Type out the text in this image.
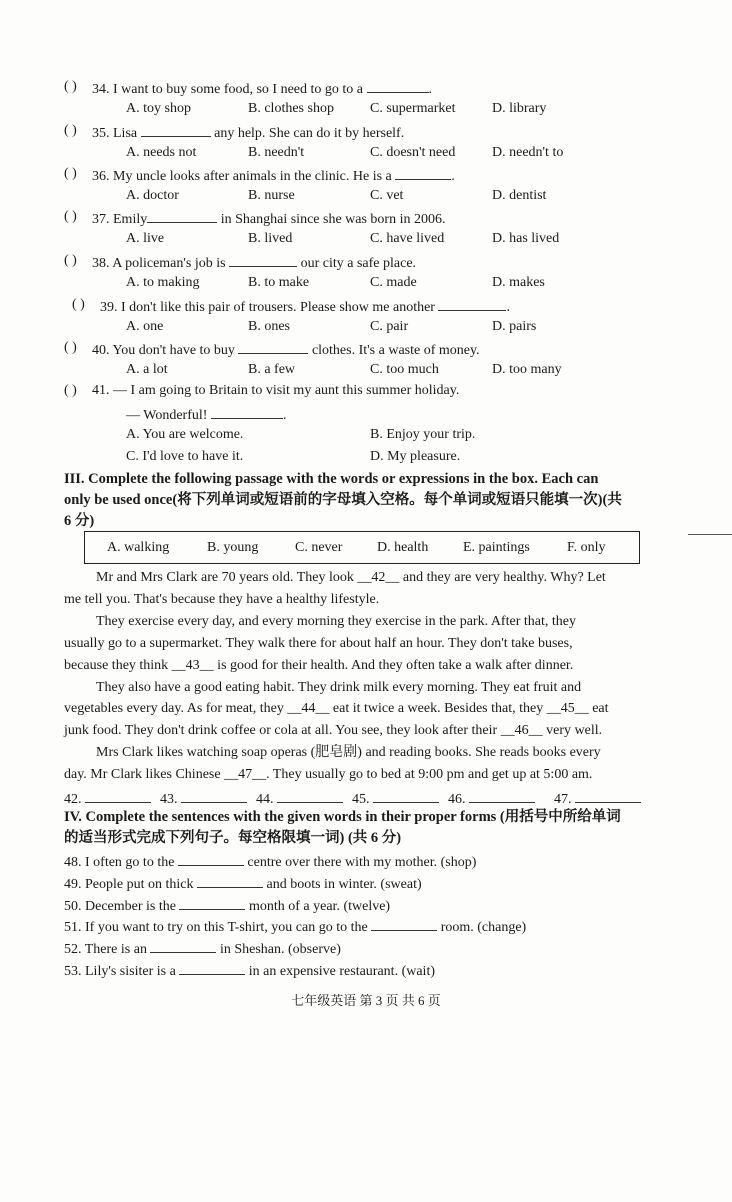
( ) 34. I want to buy some food, so I need to go to a	.
A. toy shop	B. clothes shop	C. supermarket	D. library
( ) 35. Lisa	any help. She can do it by herself.
A. needs not	B. needn't	C. doesn't need	D. needn't to
( ) 36. My uncle looks after animals in the clinic. He is a	.
A. doctor	B. nurse	C. vet	D. dentist
( ) 37. Emily	in Shanghai since she was born in 2006.
A. live	B. lived	C. have lived	D. has lived
( ) 38. A policeman's job is	our city a safe place.
A. to making	B. to make	C. made	D. makes
( ) 39. I don't like this pair of trousers. Please show me another	.
A. one	B. ones	C. pair	D. pairs
( ) 40. You don't have to buy	clothes. It's a waste of money.
A. a lot	B. a few	C. too much	D. too many
( ) 41. — I am going to Britain to visit my aunt this summer holiday.
— Wonderful!	.
A. You are welcome.	B. Enjoy your trip.
C. I'd love to have it.	D. My pleasure.
III. Complete the following passage with the words or expressions in the box. Each can
only be used once(将下列单词或短语前的字母填入空格。每个单词或短语只能填一次)(共
6 分)
A. walking	B. young	C. never D. health E. paintings	F. only
Mr and Mrs Clark are 70 years old. They look __42__ and they are very healthy. Why? Let
me tell you. That's because they have a healthy lifestyle.
They exercise every day, and every morning they exercise in the park. After that, they
usually go to a supermarket. They walk there for about half an hour. They don't take buses,
because they think __43__ is good for their health. And they often take a walk after dinner.
They also have a good eating habit. They drink milk every morning. They eat fruit and
vegetables every day. As for meat, they __44__ eat it twice a week. Besides that, they __45__ eat
junk food. They don't drink coffee or cola at all. You see, they look after their __46__ very well.
Mrs Clark likes watching soap operas (肥皂剧) and reading books. She reads books every
day. Mr Clark likes Chinese __47__. They usually go to bed at 9:00 pm and get up at 5:00 am.
42.	43.	44.	45.	46.	47.
IV. Complete the sentences with the given words in their proper forms (用括号中所给单词
的适当形式完成下列句子。每空格限填一词) (共 6 分)
48. I often go to the	centre over there with my mother. (shop)
49. People put on thick	and boots in winter. (sweat)
50. December is the	month of a year. (twelve)
51. If you want to try on this T-shirt, you can go to the	room. (change)
52. There is an	in Sheshan. (observe)
53. Lily's sisiter is a	in an expensive restaurant. (wait)
七年级英语 第 3 页 共 6 页
